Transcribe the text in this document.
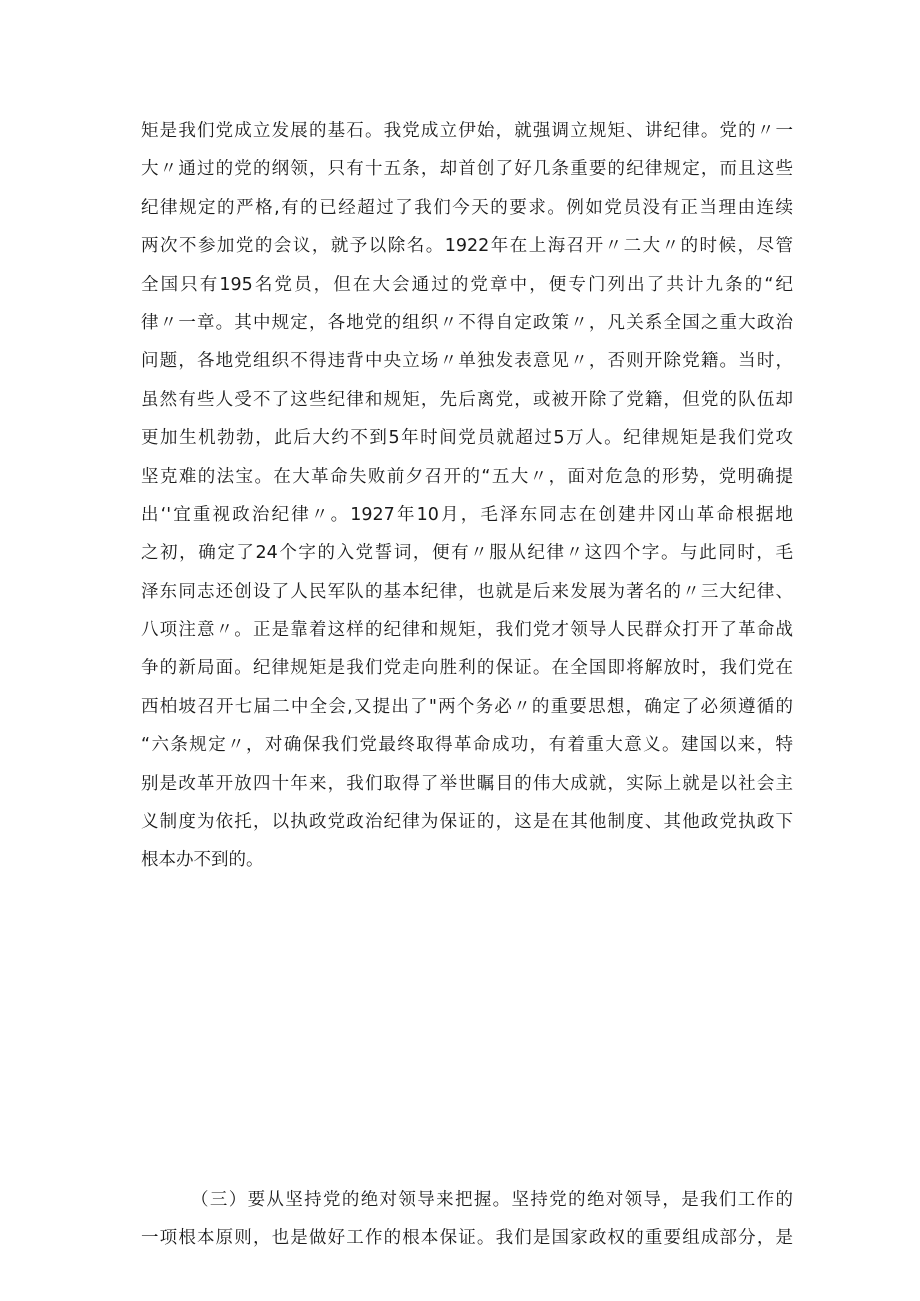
矩是我们党成立发展的基石。我党成立伊始，就强调立规矩、讲纪律。党的〃一
大〃通过的党的纲领，只有十五条，却首创了好几条重要的纪律规定，而且这些
纪律规定的严格,有的已经超过了我们今天的要求。例如党员没有正当理由连续
两次不参加党的会议，就予以除名。1922年在上海召开〃二大〃的时候，尽管
全国只有195名党员，但在大会通过的党章中，便专门列出了共计九条的“纪
律〃一章。其中规定，各地党的组织〃不得自定政策〃，凡关系全国之重大政治
问题，各地党组织不得违背中央立场〃单独发表意见〃，否则开除党籍。当时，
虽然有些人受不了这些纪律和规矩，先后离党，或被开除了党籍，但党的队伍却
更加生机勃勃，此后大约不到5年时间党员就超过5万人。纪律规矩是我们党攻
坚克难的法宝。在大革命失败前夕召开的“五大〃，面对危急的形势，党明确提
出‘'宜重视政治纪律〃。1927年10月，毛泽东同志在创建井冈山革命根据地
之初，确定了24个字的入党誓词，便有〃服从纪律〃这四个字。与此同时，毛
泽东同志还创设了人民军队的基本纪律，也就是后来发展为著名的〃三大纪律、
八项注意〃。正是靠着这样的纪律和规矩，我们党才领导人民群众打开了革命战
争的新局面。纪律规矩是我们党走向胜利的保证。在全国即将解放时，我们党在
西柏坡召开七届二中全会,又提出了"两个务必〃的重要思想，确定了必须遵循的
“六条规定〃，对确保我们党最终取得革命成功，有着重大意义。建国以来，特
别是改革开放四十年来，我们取得了举世瞩目的伟大成就，实际上就是以社会主
义制度为依托，以执政党政治纪律为保证的，这是在其他制度、其他政党执政下
根本办不到的。
（三）要从坚持党的绝对领导来把握。坚持党的绝对领导，是我们工作的
一项根本原则，也是做好工作的根本保证。我们是国家政权的重要组成部分，是
